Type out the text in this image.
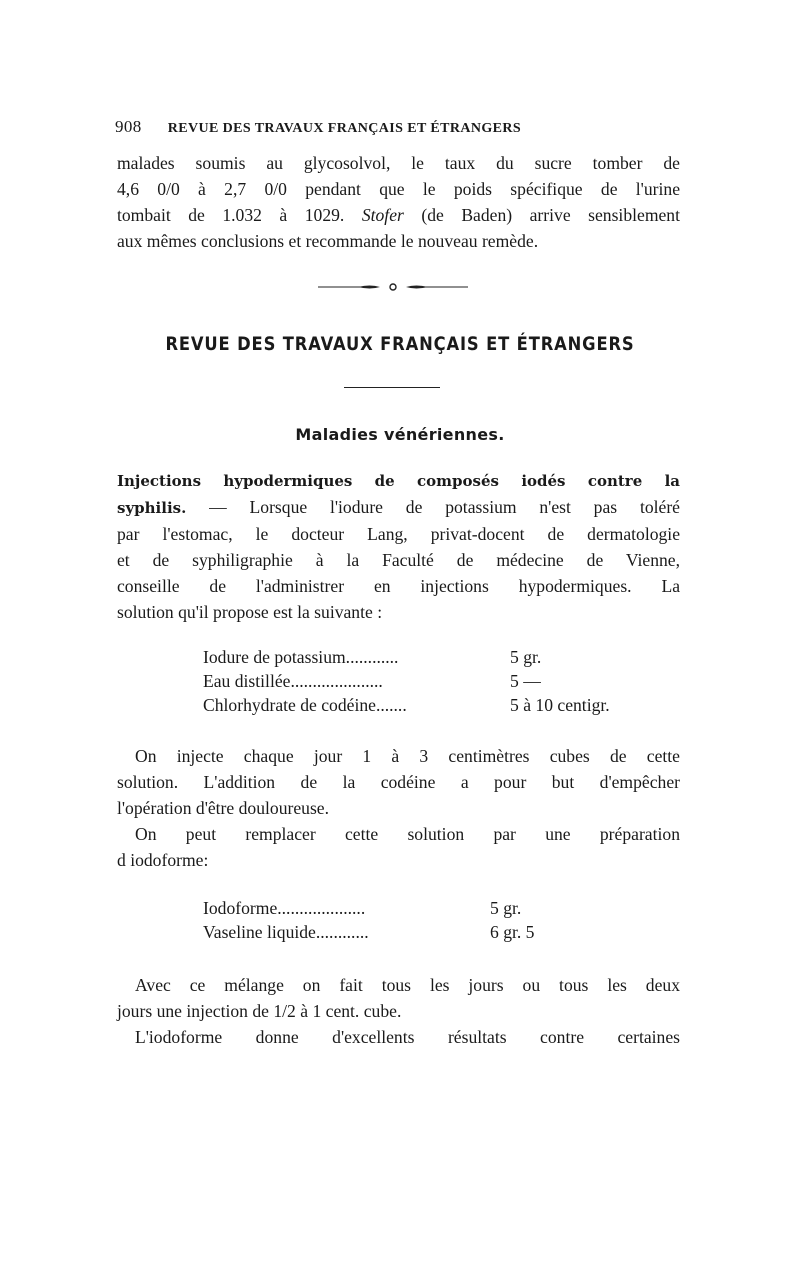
908 REVUE DES TRAVAUX FRANÇAIS ET ÉTRANGERS
malades soumis au glycosolvol, le taux du sucre tomber de
4,6 0/0 à 2,7 0/0 pendant que le poids spécifique de l'urine
tombait de 1.032 à 1029. Stofer (de Baden) arrive sensiblement
aux mêmes conclusions et recommande le nouveau remède.
REVUE DES TRAVAUX FRANÇAIS ET ÉTRANGERS
Maladies vénériennes.
Injections hypodermiques de composés iodés contre la
syphilis. — Lorsque l'iodure de potassium n'est pas toléré
par l'estomac, le docteur Lang, privat-docent de dermatologie
et de syphiligraphie à la Faculté de médecine de Vienne,
conseille de l'administrer en injections hypodermiques. La
solution qu'il propose est la suivante :
Iodure de potassium............	5 gr.
Eau distillée.....................	5 —
Chlorhydrate de codéine.......	5 à 10 centigr.
On injecte chaque jour 1 à 3 centimètres cubes de cette
solution. L'addition de la codéine a pour but d'empêcher
l'opération d'être douloureuse.
On peut remplacer cette solution par une préparation
d iodoforme:
Iodoforme....................	5 gr.
Vaseline liquide............	6 gr. 5
Avec ce mélange on fait tous les jours ou tous les deux
jours une injection de 1/2 à 1 cent. cube.
L'iodoforme donne d'excellents résultats contre certaines
